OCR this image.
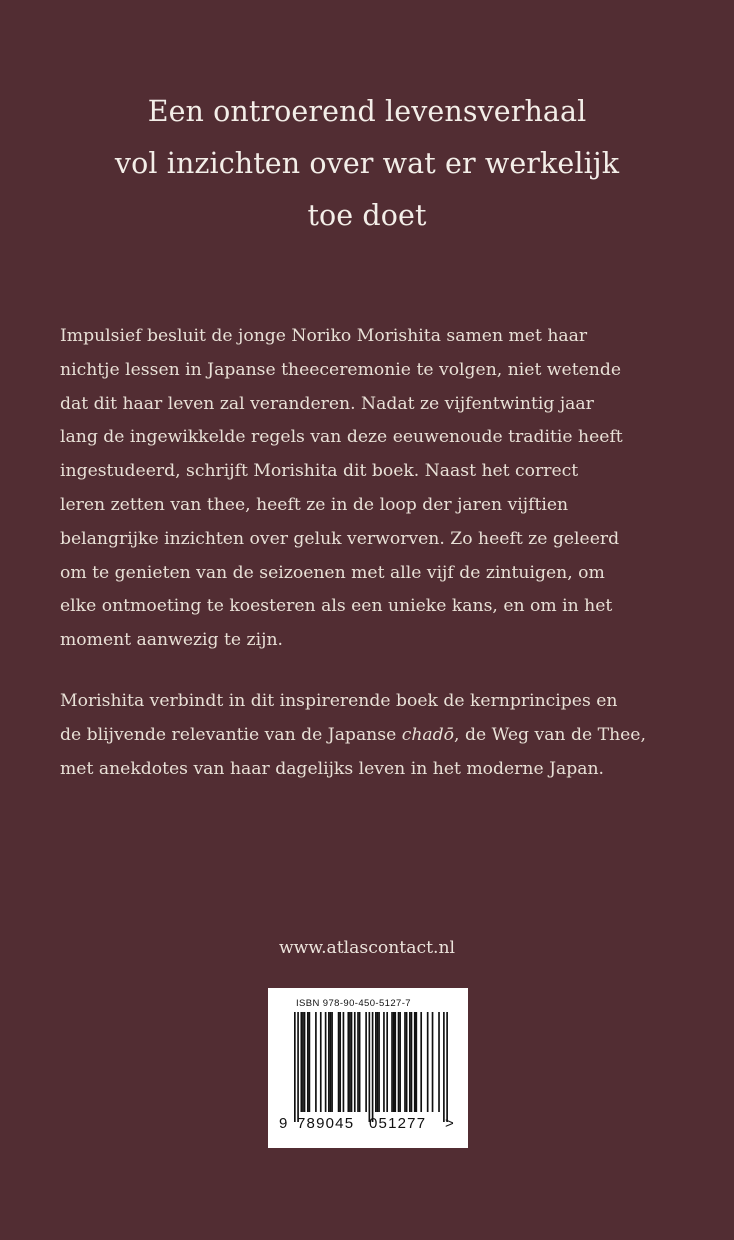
Een ontroerend levensverhaal
vol inzichten over wat er werkelijk
toe doet
Impulsief besluit de jonge Noriko Morishita samen met haar
nichtje lessen in Japanse theeceremonie te volgen, niet wetende
dat dit haar leven zal veranderen. Nadat ze vijfentwintig jaar
lang de ingewikkelde regels van deze eeuwenoude traditie heeft
ingestudeerd, schrijft Morishita dit boek. Naast het correct
leren zetten van thee, heeft ze in de loop der jaren vijftien
belangrijke inzichten over geluk verworven. Zo heeft ze geleerd
om te genieten van de seizoenen met alle vijf de zintuigen, om
elke ontmoeting te koesteren als een unieke kans, en om in het
moment aanwezig te zijn.
Morishita verbindt in dit inspirerende boek de kernprincipes en
de blijvende relevantie van de Japanse chadō, de Weg van de Thee,
met anekdotes van haar dagelijks leven in het moderne Japan.
www.atlascontact.nl
ISBN 978-90-450-5127-7
9 789045 051277 >
